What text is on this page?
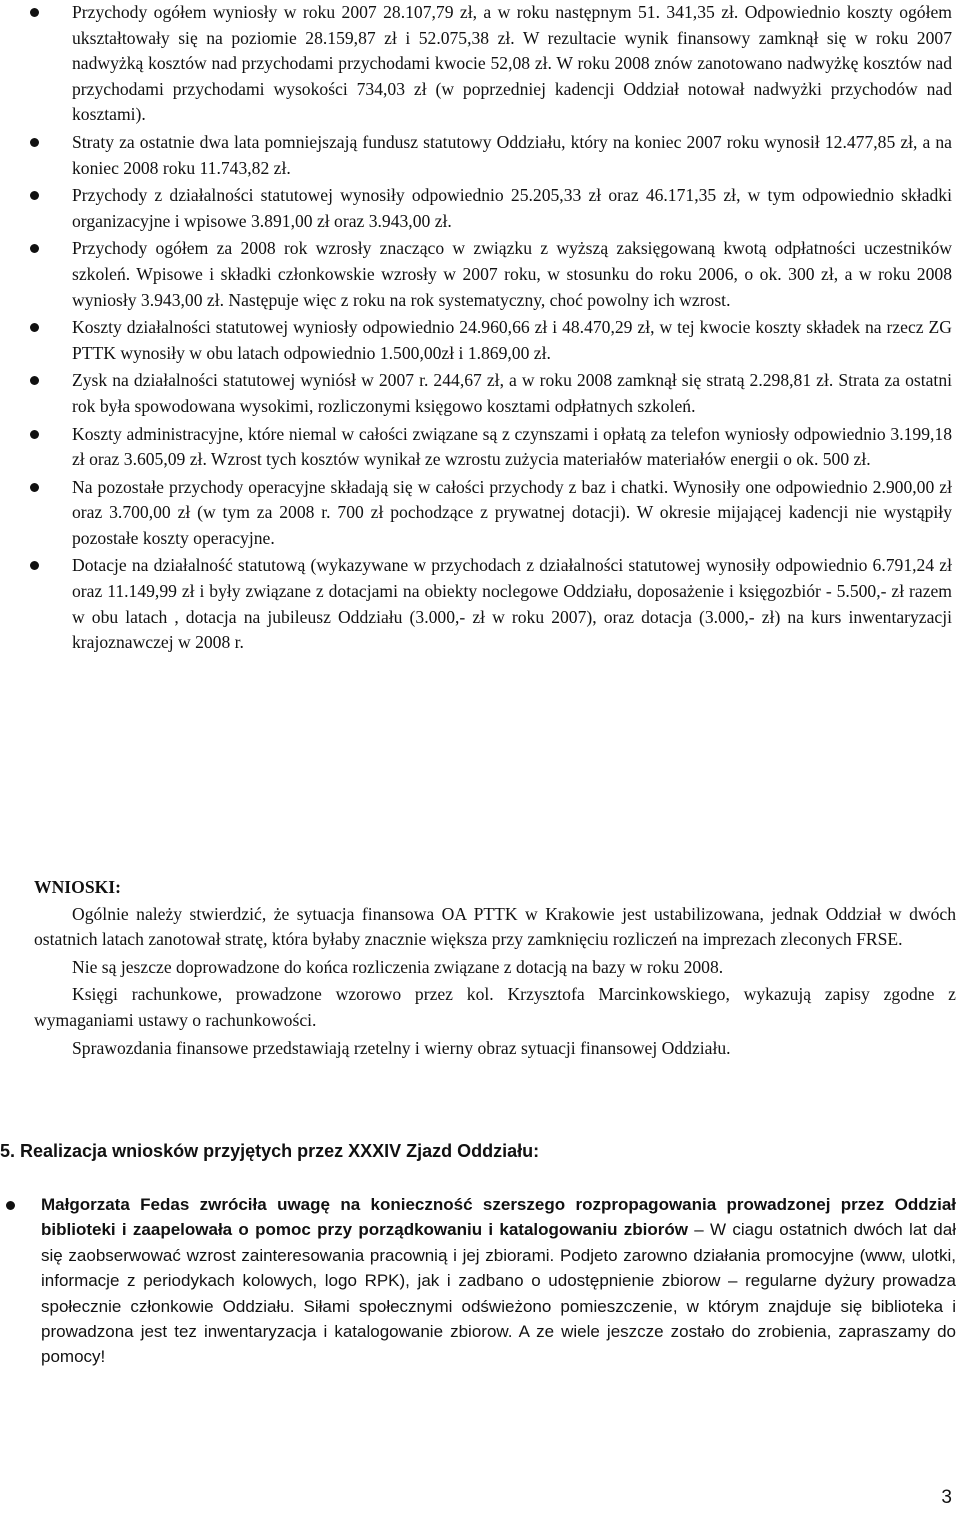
Przychody ogółem wyniosły w roku 2007 28.107,79 zł, a w roku następnym 51. 341,35 zł. Odpowiednio koszty ogółem ukształtowały się na poziomie 28.159,87 zł i 52.075,38 zł. W rezultacie wynik finansowy zamknął się w roku 2007 nadwyżką kosztów nad przychodami przychodami kwocie 52,08 zł. W roku 2008 znów zanotowano nadwyżkę kosztów nad przychodami przychodami wysokości 734,03 zł (w poprzedniej kadencji Oddział notował nadwyżki przychodów nad kosztami).
Straty za ostatnie dwa lata pomniejszają fundusz statutowy Oddziału, który na koniec 2007 roku wynosił 12.477,85 zł, a na koniec 2008 roku 11.743,82 zł.
Przychody z działalności statutowej wynosiły odpowiednio 25.205,33 zł oraz 46.171,35 zł, w tym odpowiednio składki organizacyjne i wpisowe 3.891,00 zł oraz 3.943,00 zł.
Przychody ogółem za 2008 rok wzrosły znacząco w związku z wyższą zaksięgowaną kwotą odpłatności uczestników szkoleń. Wpisowe i składki członkowskie wzrosły w 2007 roku, w stosunku do roku 2006, o ok. 300 zł, a w roku 2008 wyniosły 3.943,00 zł. Następuje więc z roku na rok systematyczny, choć powolny ich wzrost.
Koszty działalności statutowej wyniosły odpowiednio 24.960,66 zł i 48.470,29 zł, w tej kwocie koszty składek na rzecz ZG PTTK wynosiły w obu latach odpowiednio 1.500,00zł i 1.869,00 zł.
Zysk na działalności statutowej wyniósł w 2007 r. 244,67 zł, a w roku 2008 zamknął się stratą 2.298,81 zł. Strata za ostatni rok była spowodowana wysokimi, rozliczonymi księgowo kosztami odpłatnych szkoleń.
Koszty administracyjne, które niemal w całości związane są z czynszami i opłatą za telefon wyniosły odpowiednio 3.199,18 zł oraz 3.605,09 zł. Wzrost tych kosztów wynikał ze wzrostu zużycia materiałów materiałów energii o ok. 500 zł.
Na pozostałe przychody operacyjne składają się w całości przychody z baz i chatki. Wynosiły one odpowiednio 2.900,00 zł oraz 3.700,00 zł (w tym za 2008 r. 700 zł pochodzące z prywatnej dotacji). W okresie mijającej kadencji nie wystąpiły pozostałe koszty operacyjne.
Dotacje na działalność statutową (wykazywane w przychodach z działalności statutowej wynosiły odpowiednio 6.791,24 zł oraz 11.149,99 zł i były związane z dotacjami na obiekty noclegowe Oddziału, doposażenie i księgozbiór - 5.500,- zł razem w obu latach , dotacja na jubileusz Oddziału (3.000,- zł w roku 2007), oraz dotacja (3.000,- zł) na kurs inwentaryzacji krajoznawczej w 2008 r.
WNIOSKI:

Ogólnie należy stwierdzić, że sytuacja finansowa OA PTTK w Krakowie jest ustabilizowana, jednak Oddział w dwóch ostatnich latach zanotował stratę, która byłaby znacznie większa przy zamknięciu rozliczeń na imprezach zleconych FRSE.

Nie są jeszcze doprowadzone do końca rozliczenia związane z dotacją na bazy w roku 2008.

Księgi rachunkowe, prowadzone wzorowo przez kol. Krzysztofa Marcinkowskiego, wykazują zapisy zgodne z wymaganiami ustawy o rachunkowości.

Sprawozdania finansowe przedstawiają rzetelny i wierny obraz sytuacji finansowej Oddziału.

5. Realizacja wniosków przyjętych przez XXXIV Zjazd Oddziału:
Małgorzata Fedas zwróciła uwagę na konieczność szerszego rozpropagowania prowadzonej przez Oddział biblioteki i zaapelowała o pomoc przy porządkowaniu i katalogowaniu zbiorów – W ciagu ostatnich dwóch lat dał się zaobserwować wzrost zainteresowania pracownią i jej zbiorami. Podjeto zarowno działania promocyjne (www, ulotki, informacje z periodykach kolowych, logo RPK), jak i zadbano o udostępnienie zbiorow – regularne dyżury prowadza społecznie członkowie Oddziału. Siłami społecznymi odświeżono pomieszczenie, w którym znajduje się biblioteka i prowadzona jest tez inwentaryzacja i katalogowanie zbiorow. A ze wiele jeszcze zostało do zrobienia, zapraszamy do pomocy!
3
